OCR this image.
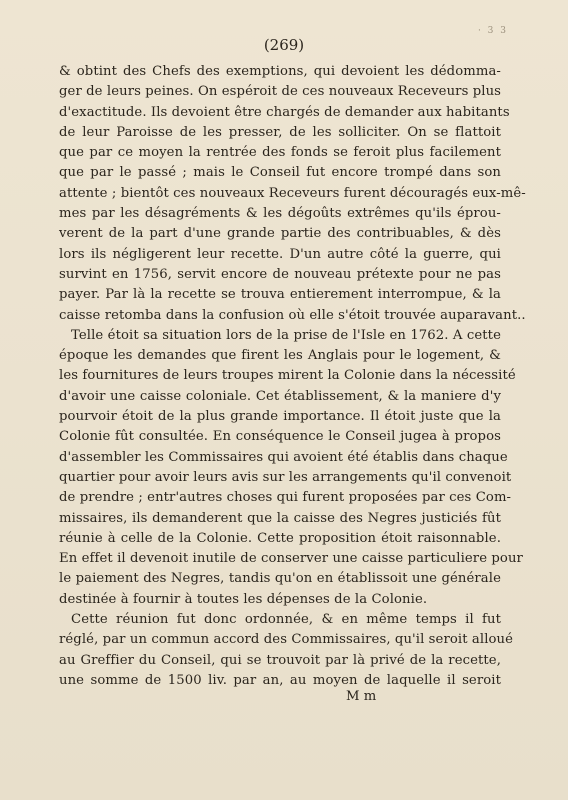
· 3 3
(269)
& obtint des Chefs des exemptions, qui devoient les dédomma-
ger de leurs peines. On espéroit de ces nouveaux Receveurs plus
d'exactitude. Ils devoient être chargés de demander aux habitants
de leur Paroisse de les presser, de les solliciter. On se flattoit
que par ce moyen la rentrée des fonds se feroit plus facilement
que par le passé ; mais le Conseil fut encore trompé dans son
attente ; bientôt ces nouveaux Receveurs furent découragés eux-mê-
mes par les désagréments & les dégoûts extrêmes qu'ils éprou-
verent de la part d'une grande partie des contribuables, & dès
lors ils négligerent leur recette. D'un autre côté la guerre, qui
survint en 1756, servit encore de nouveau prétexte pour ne pas
payer. Par là la recette se trouva entierement interrompue, & la
caisse retomba dans la confusion où elle s'étoit trouvée auparavant..
Telle étoit sa situation lors de la prise de l'Isle en 1762. A cette
époque les demandes que firent les Anglais pour le logement, &
les fournitures de leurs troupes mirent la Colonie dans la nécessité
d'avoir une caisse coloniale. Cet établissement, & la maniere d'y
pourvoir étoit de la plus grande importance. Il étoit juste que la
Colonie fût consultée. En conséquence le Conseil jugea à propos
d'assembler les Commissaires qui avoient été établis dans chaque
quartier pour avoir leurs avis sur les arrangements qu'il convenoit
de prendre ; entr'autres choses qui furent proposées par ces Com-
missaires, ils demanderent que la caisse des Negres justiciés fût
réunie à celle de la Colonie. Cette proposition étoit raisonnable.
En effet il devenoit inutile de conserver une caisse particuliere pour
le paiement des Negres, tandis qu'on en établissoit une générale
destinée à fournir à toutes les dépenses de la Colonie.
Cette réunion fut donc ordonnée, & en même temps il fut
réglé, par un commun accord des Commissaires, qu'il seroit alloué
au Greffier du Conseil, qui se trouvoit par là privé de la recette,
une somme de 1500 liv. par an, au moyen de laquelle il seroit
M m
